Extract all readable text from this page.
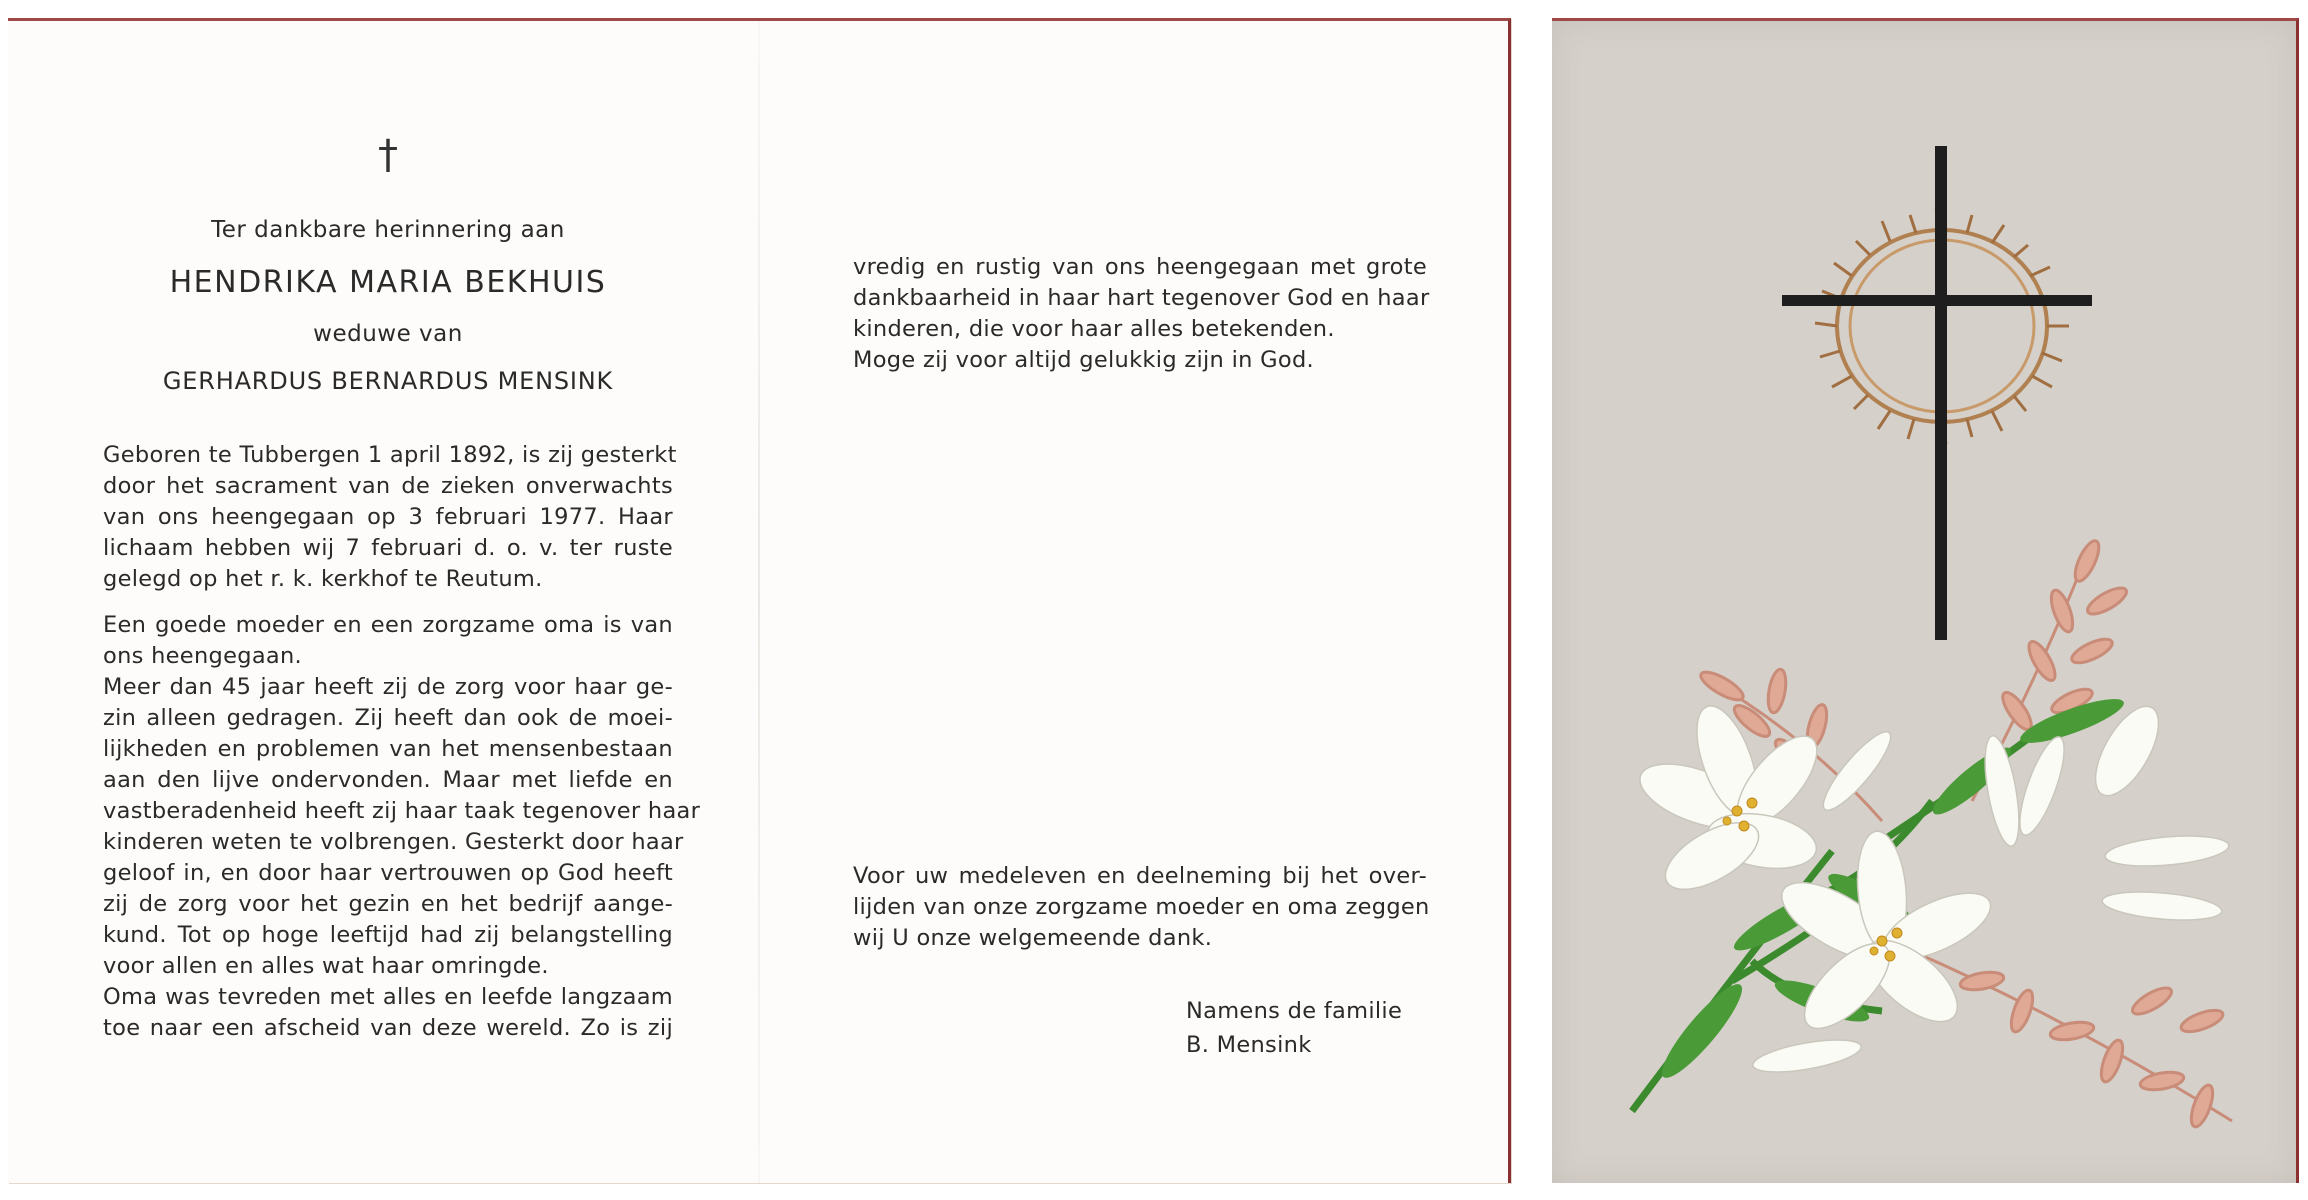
†
Ter dankbare herinnering aan
HENDRIKA MARIA BEKHUIS
weduwe van
GERHARDUS BERNARDUS MENSINK
Geboren te Tubbergen 1 april 1892, is zij gesterkt
door het sacrament van de zieken onverwachts
van ons heengegaan op 3 februari 1977. Haar
lichaam hebben wij 7 februari d. o. v. ter ruste
gelegd op het r. k. kerkhof te Reutum.
Een goede moeder en een zorgzame oma is van
ons heengegaan.
Meer dan 45 jaar heeft zij de zorg voor haar ge-
zin alleen gedragen. Zij heeft dan ook de moei-
lijkheden en problemen van het mensenbestaan
aan den lijve ondervonden. Maar met liefde en
vastberadenheid heeft zij haar taak tegenover haar
kinderen weten te volbrengen. Gesterkt door haar
geloof in, en door haar vertrouwen op God heeft
zij de zorg voor het gezin en het bedrijf aange-
kund. Tot op hoge leeftijd had zij belangstelling
voor allen en alles wat haar omringde.
Oma was tevreden met alles en leefde langzaam
toe naar een afscheid van deze wereld. Zo is zij
vredig en rustig van ons heengegaan met grote
dankbaarheid in haar hart tegenover God en haar
kinderen, die voor haar alles betekenden.
Moge zij voor altijd gelukkig zijn in God.
Voor uw medeleven en deelneming bij het over-
lijden van onze zorgzame moeder en oma zeggen
wij U onze welgemeende dank.
Namens de familie
B. Mensink
